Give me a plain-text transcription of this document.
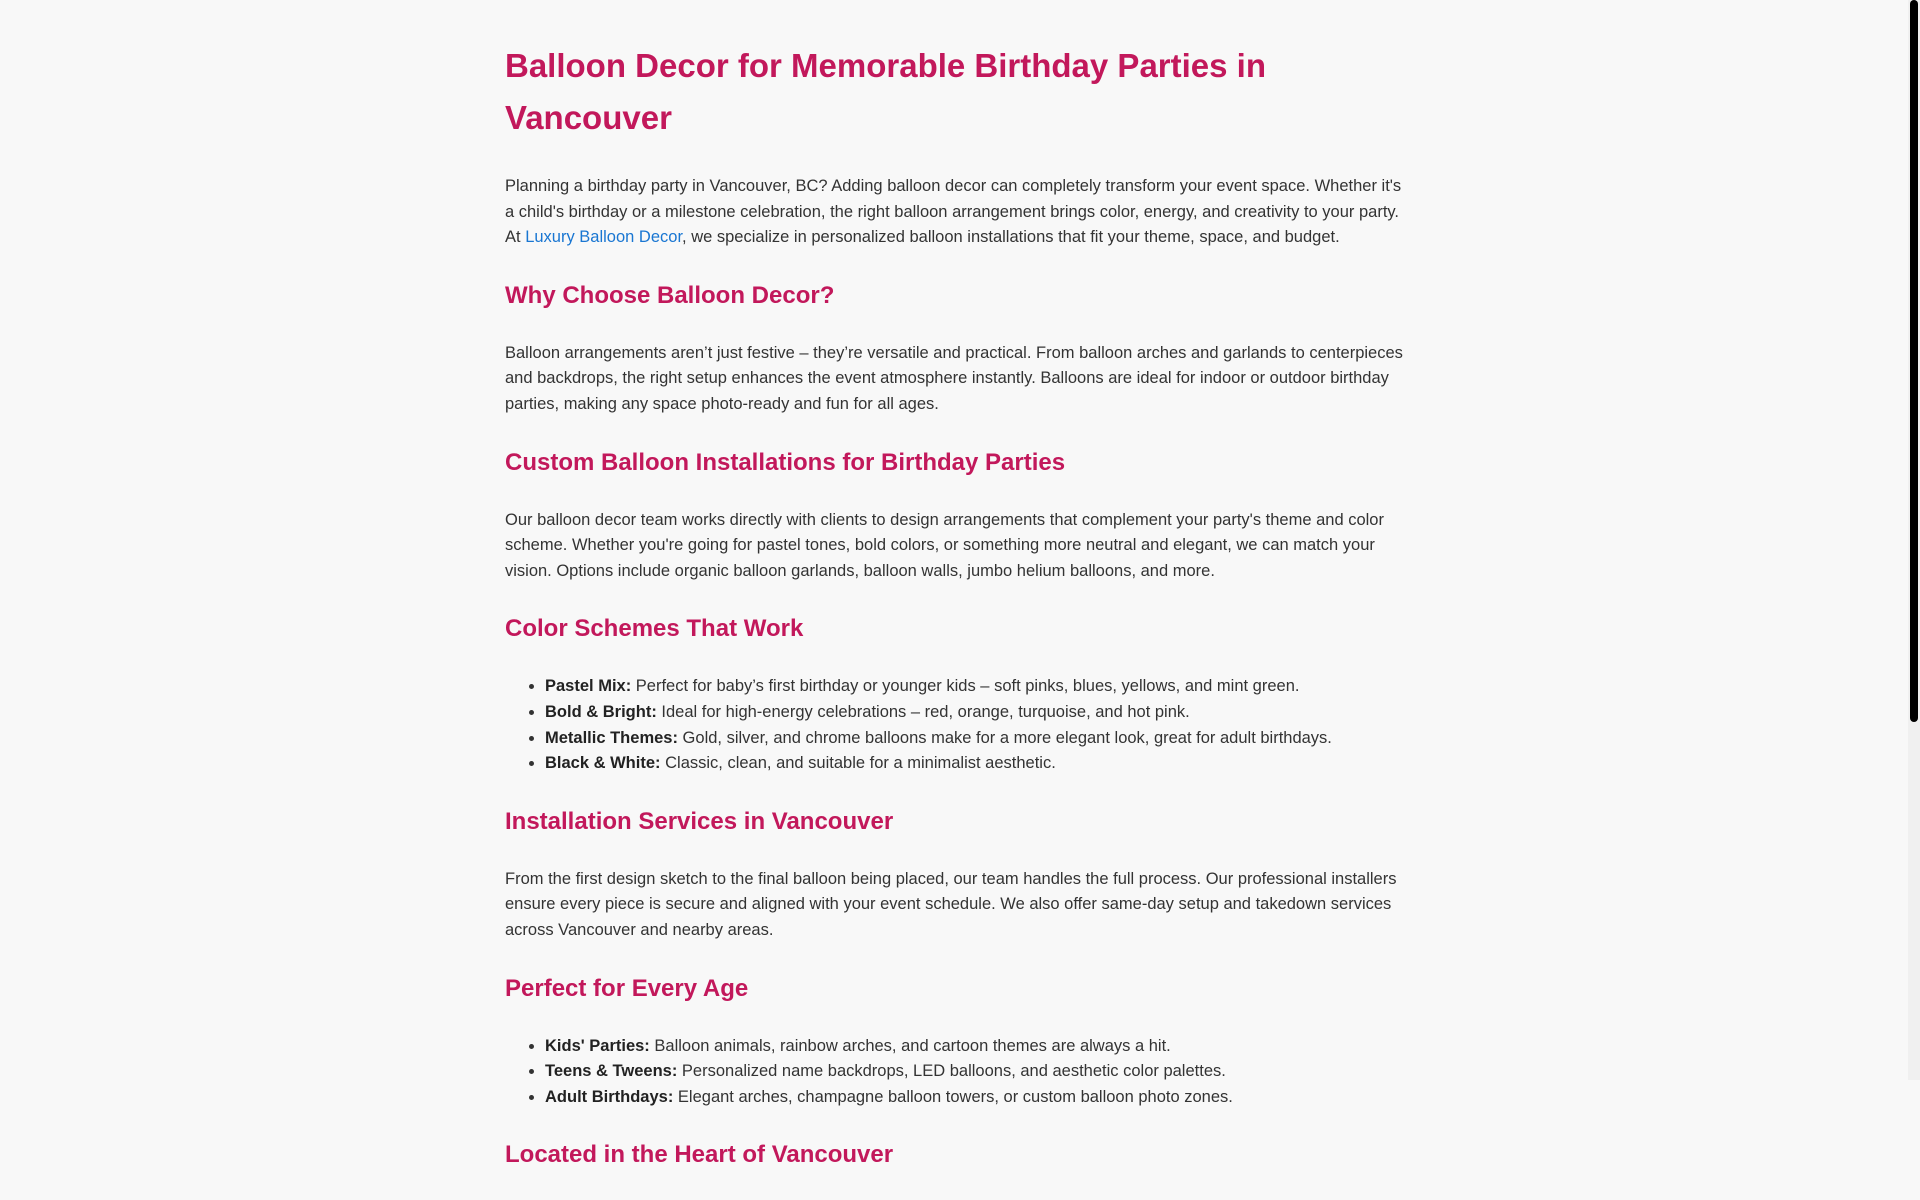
Balloon Decor for Memorable Birthday Parties in Vancouver

Planning a birthday party in Vancouver, BC? Adding balloon decor can completely transform your event space. Whether it's a child's birthday or a milestone celebration, the right balloon arrangement brings color, energy, and creativity to your party. At Luxury Balloon Decor, we specialize in personalized balloon installations that fit your theme, space, and budget.

Why Choose Balloon Decor?

Balloon arrangements aren’t just festive – they’re versatile and practical. From balloon arches and garlands to centerpieces and backdrops, the right setup enhances the event atmosphere instantly. Balloons are ideal for indoor or outdoor birthday parties, making any space photo-ready and fun for all ages.

Custom Balloon Installations for Birthday Parties

Our balloon decor team works directly with clients to design arrangements that complement your party's theme and color scheme. Whether you're going for pastel tones, bold colors, or something more neutral and elegant, we can match your vision. Options include organic balloon garlands, balloon walls, jumbo helium balloons, and more.

Color Schemes That Work
• Pastel Mix: Perfect for baby’s first birthday or younger kids – soft pinks, blues, yellows, and mint green.
• Bold & Bright: Ideal for high-energy celebrations – red, orange, turquoise, and hot pink.
• Metallic Themes: Gold, silver, and chrome balloons make for a more elegant look, great for adult birthdays.
• Black & White: Classic, clean, and suitable for a minimalist aesthetic.
Installation Services in Vancouver

From the first design sketch to the final balloon being placed, our team handles the full process. Our professional installers ensure every piece is secure and aligned with your event schedule. We also offer same-day setup and takedown services across Vancouver and nearby areas.

Perfect for Every Age
• Kids' Parties: Balloon animals, rainbow arches, and cartoon themes are always a hit.
• Teens & Tweens: Personalized name backdrops, LED balloons, and aesthetic color palettes.
• Adult Birthdays: Elegant arches, champagne balloon towers, or custom balloon photo zones.
Located in the Heart of Vancouver
